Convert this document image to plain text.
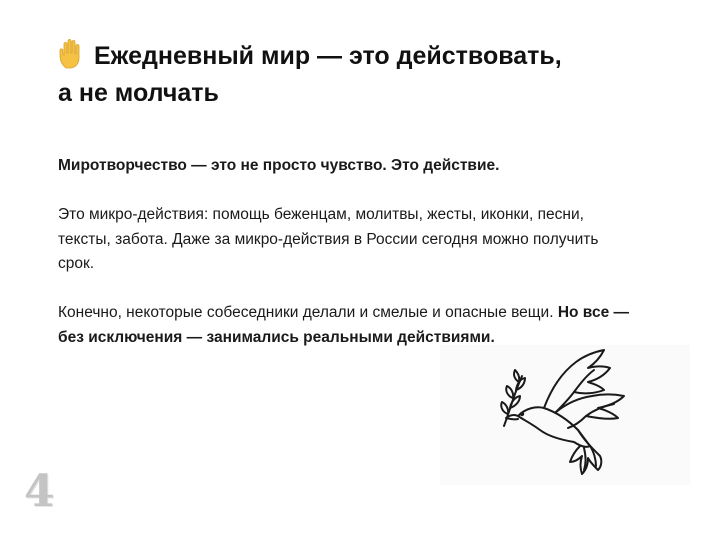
Ежедневный мир — это действовать,
а не молчать

Миротворчество — это не просто чувство. Это действие.

Это микро-действия: помощь беженцам, молитвы, жесты, иконки, песни, тексты, забота. Даже за микро-действия в России сегодня можно получить срок.

Конечно, некоторые собеседники делали и смелые и опасные вещи. Но все — без исключения — занимались реальными действиями.

4
